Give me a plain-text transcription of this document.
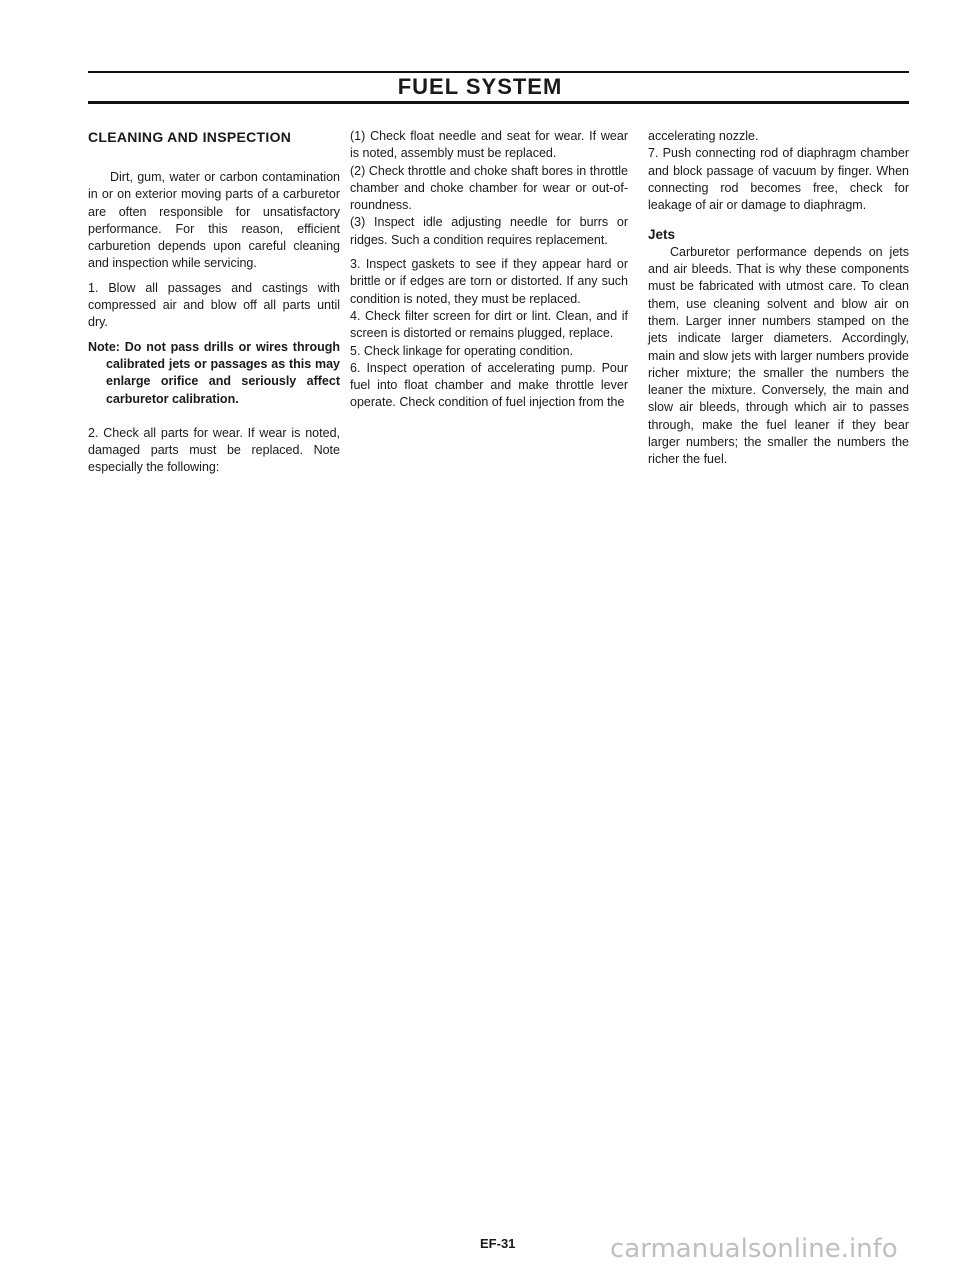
FUEL SYSTEM
CLEANING AND INSPECTION

Dirt, gum, water or carbon contamination in or on exterior moving parts of a carburetor are often responsible for unsatisfactory performance. For this reason, efficient carburetion depends upon careful cleaning and inspection while servicing.

1. Blow all passages and castings with compressed air and blow off all parts until dry.

Note: Do not pass drills or wires through calibrated jets or passages as this may enlarge orifice and seriously affect carburetor calibration.

2. Check all parts for wear. If wear is noted, damaged parts must be replaced. Note especially the following:

(1) Check float needle and seat for wear. If wear is noted, assembly must be replaced.

(2) Check throttle and choke shaft bores in throttle chamber and choke chamber for wear or out-of-roundness.

(3) Inspect idle adjusting needle for burrs or ridges. Such a condition requires replacement.

3. Inspect gaskets to see if they appear hard or brittle or if edges are torn or distorted. If any such condition is noted, they must be replaced.

4. Check filter screen for dirt or lint. Clean, and if screen is distorted or remains plugged, replace.

5. Check linkage for operating condition.

6. Inspect operation of accelerating pump. Pour fuel into float chamber and make throttle lever operate. Check condition of fuel injection from the

accelerating nozzle.

7. Push connecting rod of diaphragm chamber and block passage of vacuum by finger. When connecting rod becomes free, check for leakage of air or damage to diaphragm.

Jets

Carburetor performance depends on jets and air bleeds. That is why these components must be fabricated with utmost care. To clean them, use cleaning solvent and blow air on them. Larger inner numbers stamped on the jets indicate larger diameters. Accordingly, main and slow jets with larger numbers provide richer mixture; the smaller the numbers the leaner the mixture. Conversely, the main and slow air bleeds, through which air to passes through, make the fuel leaner if they bear larger numbers; the smaller the numbers the richer the fuel.

EF-31	carmanualsonline.info
